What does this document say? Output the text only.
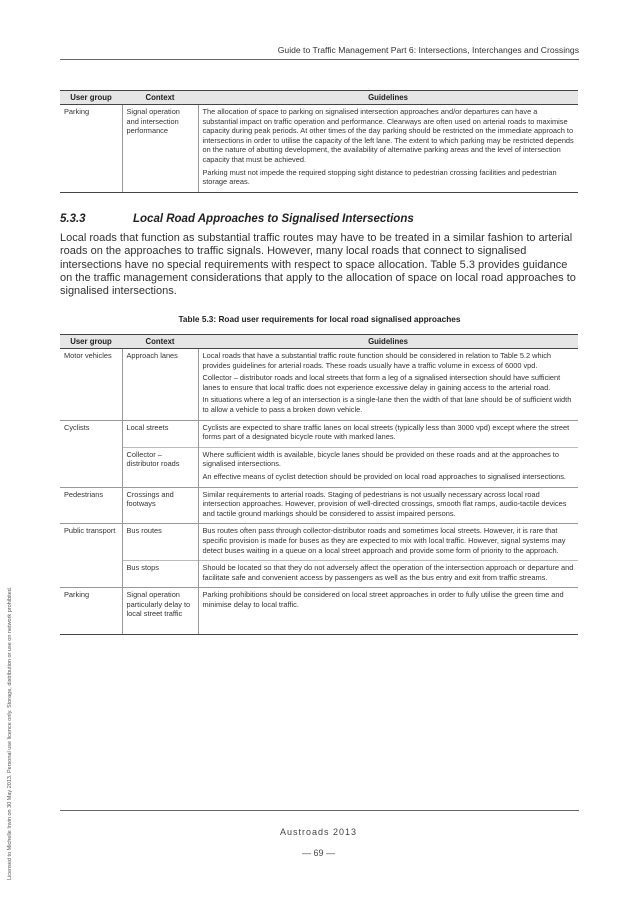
Guide to Traffic Management Part 6: Intersections, Interchanges and Crossings
User group	Context	Guidelines
Parking	Signal operation and intersection performance	The allocation of space to parking on signalised intersection approaches and/or departures can have a substantial impact on traffic operation and performance. Clearways are often used on arterial roads to maximise capacity during peak periods. At other times of the day parking should be restricted on the immediate approach to intersections in order to utilise the capacity of the left lane. The extent to which parking may be restricted depends on the nature of abutting development, the availability of alternative parking areas and the level of intersection capacity that must be achieved.

Parking must not impede the required stopping sight distance to pedestrian crossing facilities and pedestrian storage areas.

5.3.3	Local Road Approaches to Signalised Intersections

Local roads that function as substantial traffic routes may have to be treated in a similar fashion to arterial roads on the approaches to traffic signals. However, many local roads that connect to signalised intersections have no special requirements with respect to space allocation. Table 5.3 provides guidance on the traffic management considerations that apply to the allocation of space on local road approaches to signalised intersections.

Table 5.3: Road user requirements for local road signalised approaches
User group	Context	Guidelines
Motor vehicles	Approach lanes	Local roads that have a substantial traffic route function should be considered in relation to Table 5.2 which provides guidelines for arterial roads. These roads usually have a traffic volume in excess of 6000 vpd.

Collector – distributor roads and local streets that form a leg of a signalised intersection should have sufficient lanes to ensure that local traffic does not experience excessive delay in gaining access to the arterial road.

In situations where a leg of an intersection is a single-lane then the width of that lane should be of sufficient width to allow a vehicle to pass a broken down vehicle.

Cyclists	Local streets	Cyclists are expected to share traffic lanes on local streets (typically less than 3000 vpd) except where the street forms part of a designated bicycle route with marked lanes.

	Collector – distributor roads	Where sufficient width is available, bicycle lanes should be provided on these roads and at the approaches to signalised intersections.

An effective means of cyclist detection should be provided on local road approaches to signalised intersections.

Pedestrians	Crossings and footways	Similar requirements to arterial roads. Staging of pedestrians is not usually necessary across local road intersection approaches. However, provision of well-directed crossings, smooth flat ramps, audio-tactile devices and tactile ground markings should be considered to assist impaired persons.

Public transport	Bus routes	Bus routes often pass through collector-distributor roads and sometimes local streets. However, it is rare that specific provision is made for buses as they are expected to mix with local traffic. However, signal systems may detect buses waiting in a queue on a local street approach and provide some form of priority to the approach.

	Bus stops	Should be located so that they do not adversely affect the operation of the intersection approach or departure and facilitate safe and convenient access by passengers as well as the bus entry and exit from traffic streams.

Parking	Signal operation particularly delay to local street traffic	Parking prohibitions should be considered on local street approaches in order to fully utilise the green time and minimise delay to local traffic.

Austroads 2013
— 69 —
Licensed to Michelle Irwin on 30 May 2013. Personal use licence only. Storage, distribution or use on network prohibited.
